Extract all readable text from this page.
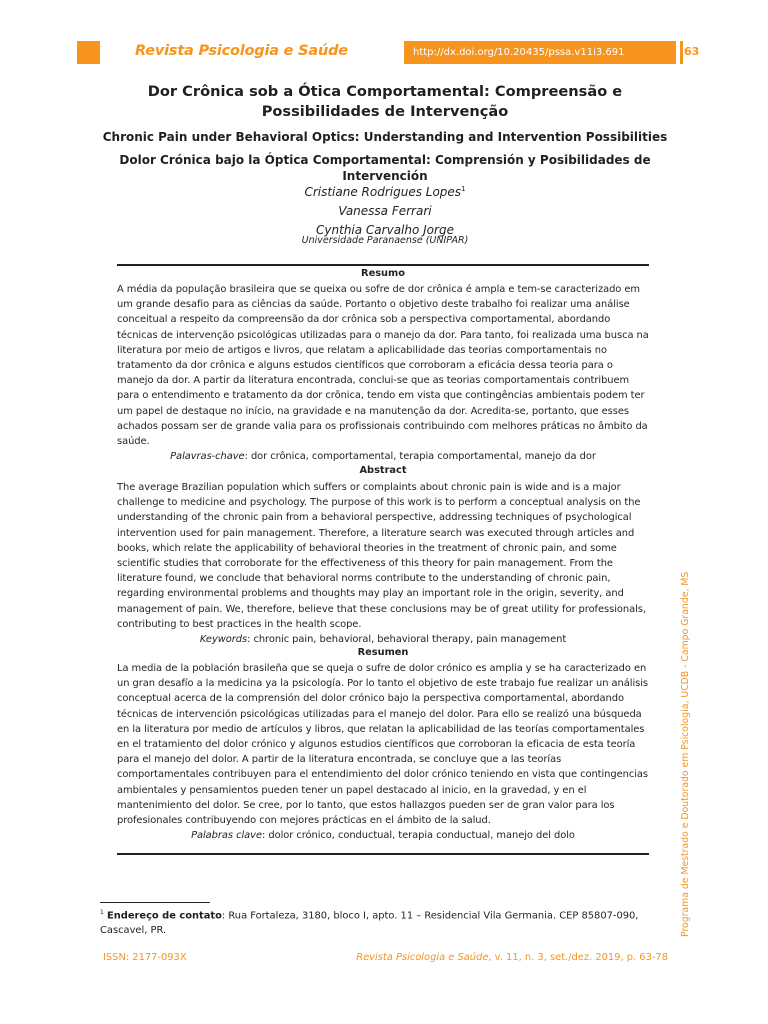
Revista Psicologia e Saúde	http://dx.doi.org/10.20435/pssa.v11i3.691	63
Dor Crônica sob a Ótica Comportamental: Compreensão e
Possibilidades de Intervenção
Chronic Pain under Behavioral Optics: Understanding and Intervention Possibilities
Dolor Crónica bajo la Óptica Comportamental: Comprensión y Posibilidades de Intervención
Cristiane Rodrigues Lopes$^1$
Vanessa Ferrari
Cynthia Carvalho Jorge
Universidade Paranaense (UNIPAR)
Resumo

A média da população brasileira que se queixa ou sofre de dor crônica é ampla e tem-se caracterizado em um grande desafio para as ciências da saúde. Portanto o objetivo deste trabalho foi realizar uma análise conceitual a respeito da compreensão da dor crônica sob a perspectiva comportamental, abordando técnicas de intervenção psicológicas utilizadas para o manejo da dor. Para tanto, foi realizada uma busca na literatura por meio de artigos e livros, que relatam a aplicabilidade das teorias comportamentais no tratamento da dor crônica e alguns estudos científicos que corroboram a eficácia dessa teoria para o manejo da dor. A partir da literatura encontrada, conclui-se que as teorias comportamentais contribuem para o entendimento e tratamento da dor crônica, tendo em vista que contingências ambientais podem ter um papel de destaque no início, na gravidade e na manutenção da dor. Acredita-se, portanto, que esses achados possam ser de grande valia para os profissionais contribuindo com melhores práticas no âmbito da saúde.

Palavras-chave: dor crônica, comportamental, terapia comportamental, manejo da dor
Abstract

The average Brazilian population which suffers or complaints about chronic pain is wide and is a major challenge to medicine and psychology. The purpose of this work is to perform a conceptual analysis on the understanding of the chronic pain from a behavioral perspective, addressing techniques of psychological intervention used for pain management. Therefore, a literature search was executed through articles and books, which relate the applicability of behavioral theories in the treatment of chronic pain, and some scientific studies that corroborate for the effectiveness of this theory for pain management. From the literature found, we conclude that behavioral norms contribute to the understanding of chronic pain, regarding environmental problems and thoughts may play an important role in the origin, severity, and management of pain. We, therefore, believe that these conclusions may be of great utility for professionals, contributing to best practices in the health scope.

Keywords: chronic pain, behavioral, behavioral therapy, pain management
Resumen

La media de la población brasileña que se queja o sufre de dolor crónico es amplia y se ha caracterizado en un gran desafío a la medicina ya la psicología. Por lo tanto el objetivo de este trabajo fue realizar un análisis conceptual acerca de la comprensión del dolor crónico bajo la perspectiva comportamental, abordando técnicas de intervención psicológicas utilizadas para el manejo del dolor. Para ello se realizó una búsqueda en la literatura por medio de artículos y libros, que relatan la aplicabilidad de las teorías comportamentales en el tratamiento del dolor crónico y algunos estudios científicos que corroboran la eficacia de esta teoría para el manejo del dolor. A partir de la literatura encontrada, se concluye que a las teorías comportamentales contribuyen para el entendimiento del dolor crónico teniendo en vista que contingencias ambientales y pensamientos pueden tener un papel destacado al inicio, en la gravedad, y en el mantenimiento del dolor. Se cree, por lo tanto, que estos hallazgos pueden ser de gran valor para los profesionales contribuyendo con mejores prácticas en el ámbito de la salud.

Palabras clave: dolor crónico, conductual, terapia conductual, manejo del dolo
$^1$ Endereço de contato: Rua Fortaleza, 3180, bloco I, apto. 11 – Residencial Vila Germania. CEP 85807-090, Cascavel, PR.
ISSN: 2177-093X	Revista Psicologia e Saúde, v. 11, n. 3, set./dez. 2019, p. 63-78
Programa de Mestrado e Doutorado em Psicologia, UCDB - Campo Grande, MS
